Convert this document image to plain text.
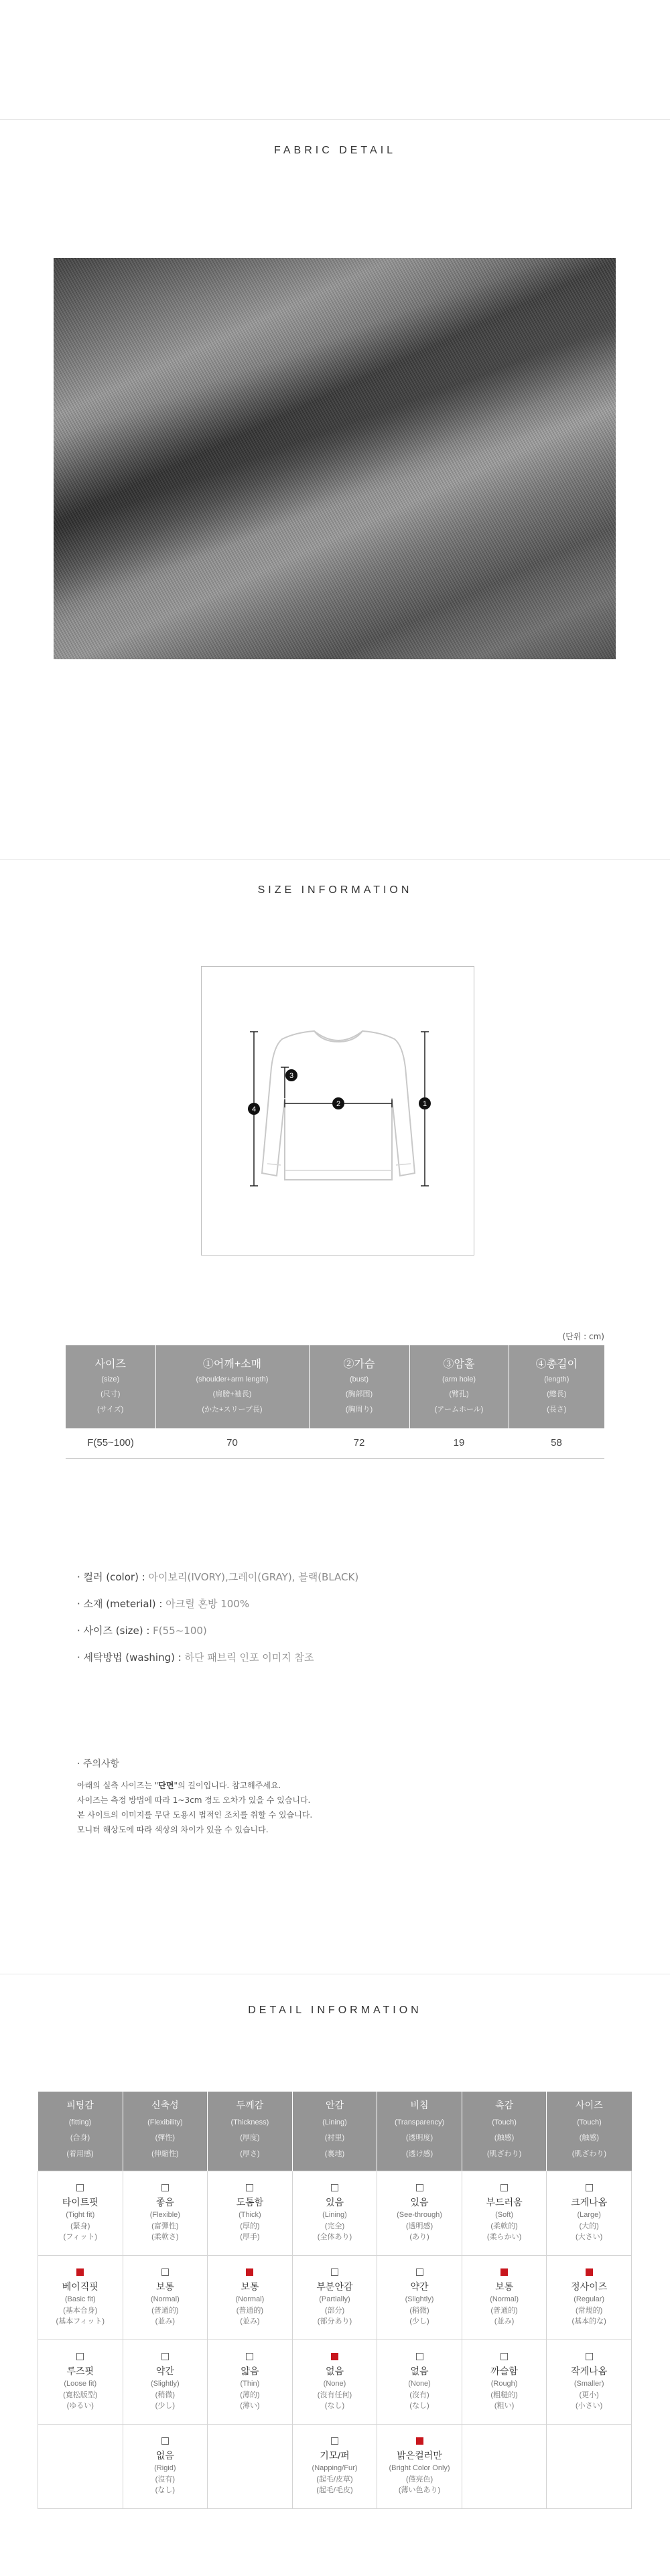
FABRIC DETAIL
SIZE INFORMATION
1
2
3
4
(단위 : cm)
사이즈
(size)
(尺寸)
(サイズ)	①어깨+소매
(shoulder+arm length)
(肩膀+袖長)
(かた+スリーブ長)	②가슴
(bust)
(胸部围)
(胸周り)	③암홀
(arm hole)
(臂孔)
(アームホール)	④총길이
(length)
(總長)
(長さ)

F(55~100)	70	72	19	58
· 컬러 (color) : 아이보리(IVORY),그레이(GRAY), 블랙(BLACK)
· 소재 (meterial) : 아크릴 혼방 100%
· 사이즈 (size) : F(55~100)
· 세탁방법 (washing) : 하단 패브릭 인포 이미지 참조
· 주의사항
아래의 실측 사이즈는 "단면"의 길이입니다. 참고해주세요.
사이즈는 측정 방법에 따라 1~3cm 정도 오차가 있을 수 있습니다.
본 사이트의 이미지를 무단 도용시 법적인 조치를 취할 수 있습니다.
모니터 해상도에 따라 색상의 차이가 있을 수 있습니다.
DETAIL INFORMATION
피팅감
(fitting)
(合身)
(着用感)	신축성
(Flexibility)
(彈性)
(伸縮性)	두께감
(Thickness)
(厚度)
(厚さ)	안감
(Lining)
(衬里)
(裏地)	비침
(Transparency)
(透明度)
(透け感)	촉감
(Touch)
(触感)
(肌ざわり)	사이즈
(Touch)
(触感)
(肌ざわり)

타이트핏
(Tight fit)
(緊身)
(フィット)	좋음
(Flexible)
(富彈性)
(柔軟さ)	도톰함
(Thick)
(厚的)
(厚手)	있음
(Lining)
(完全)
(全体あり)	있음
(See-through)
(透明感)
(あり)	부드러움
(Soft)
(柔軟的)
(柔らかい)	크게나옴
(Large)
(大的)
(大さい)

베이직핏
(Basic fit)
(基本合身)
(基本フィット)	보통
(Normal)
(普通的)
(並み)	보통
(Normal)
(普通的)
(並み)	부분안감
(Partially)
(部分)
(部分あり)	약간
(Slightly)
(稍微)
(少し)	보통
(Normal)
(普通的)
(並み)	정사이즈
(Regular)
(常規的)
(基本的な)

루즈핏
(Loose fit)
(寛松版型)
(ゆるい)	약간
(Slightly)
(稍微)
(少し)	얇음
(Thin)
(薄的)
(薄い)	없음
(None)
(沒有任何)
(なし)	없음
(None)
(沒有)
(なし)	까슬함
(Rough)
(粗糙的)
(粗い)	작게나옴
(Smaller)
(更小)
(小さい)

	없음
(Rigid)
(沒有)
(なし)		기모/퍼
(Napping/Fur)
(起毛/皮草)
(起毛/毛皮)	밝은컬러만
(Bright Color Only)
(僅亮色)
(薄い色あり)		
